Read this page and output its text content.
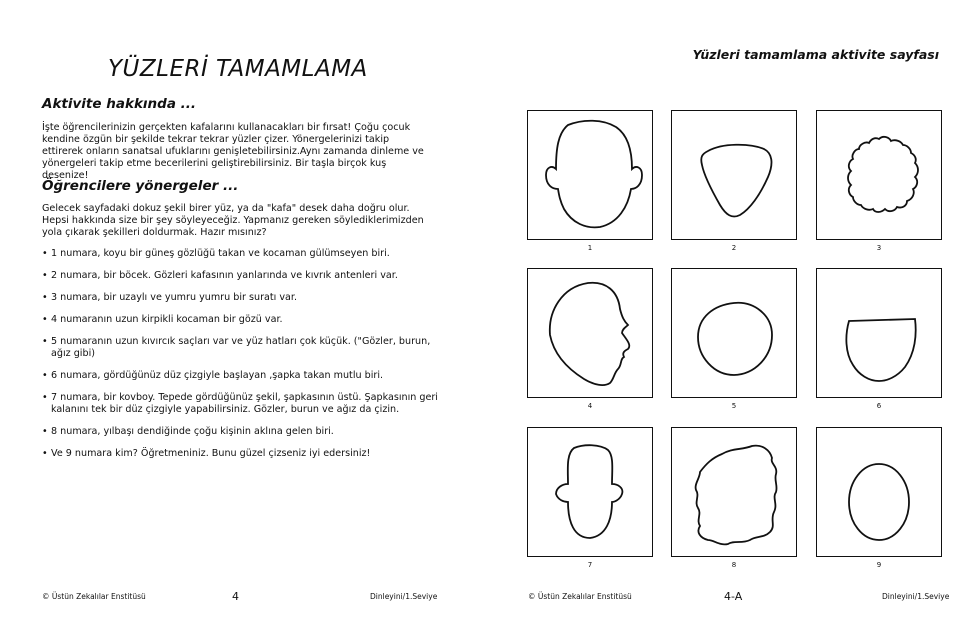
YÜZLERİ TAMAMLAMA
Aktivite hakkında ...

İşte öğrencilerinizin gerçekten kafalarını kullanacakları bir fırsat! Çoğu çocuk kendine özgün bir şekilde tekrar tekrar yüzler çizer. Yönergelerinizi takip ettirerek onların sanatsal ufuklarını genişletebilirsiniz.Aynı zamanda dinleme ve yönergeleri takip etme becerilerini geliştirebilirsiniz. Bir taşla birçok kuş desenize!

Öğrencilere yönergeler ...

Gelecek sayfadaki dokuz şekil birer yüz, ya da "kafa" desek daha doğru olur. Hepsi hakkında size bir şey söyleyeceğiz. Yapmanız gereken söylediklerimizden yola çıkarak şekilleri doldurmak. Hazır mısınız?

• 1 numara, koyu bir güneş gözlüğü takan ve kocaman gülümseyen biri.
• 2 numara, bir böcek. Gözleri kafasının yanlarında ve kıvrık antenleri var.
• 3 numara, bir uzaylı ve yumru yumru bir suratı var.
• 4 numaranın uzun kirpikli kocaman bir gözü var.
• 5 numaranın uzun kıvırcık saçları var ve yüz hatları çok küçük. ("Gözler, burun, ağız gibi)
• 6 numara, gördüğünüz düz çizgiyle başlayan ,şapka takan mutlu biri.
• 7 numara, bir kovboy. Tepede gördüğünüz şekil, şapkasının üstü. Şapkasının geri kalanını tek bir düz çizgiyle yapabilirsiniz. Gözler, burun ve ağız da çizin.
• 8 numara, yılbaşı dendiğinde çoğu kişinin aklına gelen biri.
• Ve 9 numara kim? Öğretmeniniz. Bunu güzel çizseniz iyi edersiniz!
© Üstün Zekalılar Enstitüsü	4	Dinleyini/1.Seviye
Yüzleri tamamlama aktivite sayfası
1	2	3
4	5	6
7	8	9
© Üstün Zekalılar Enstitüsü	4-A	Dinleyini/1.Seviye
